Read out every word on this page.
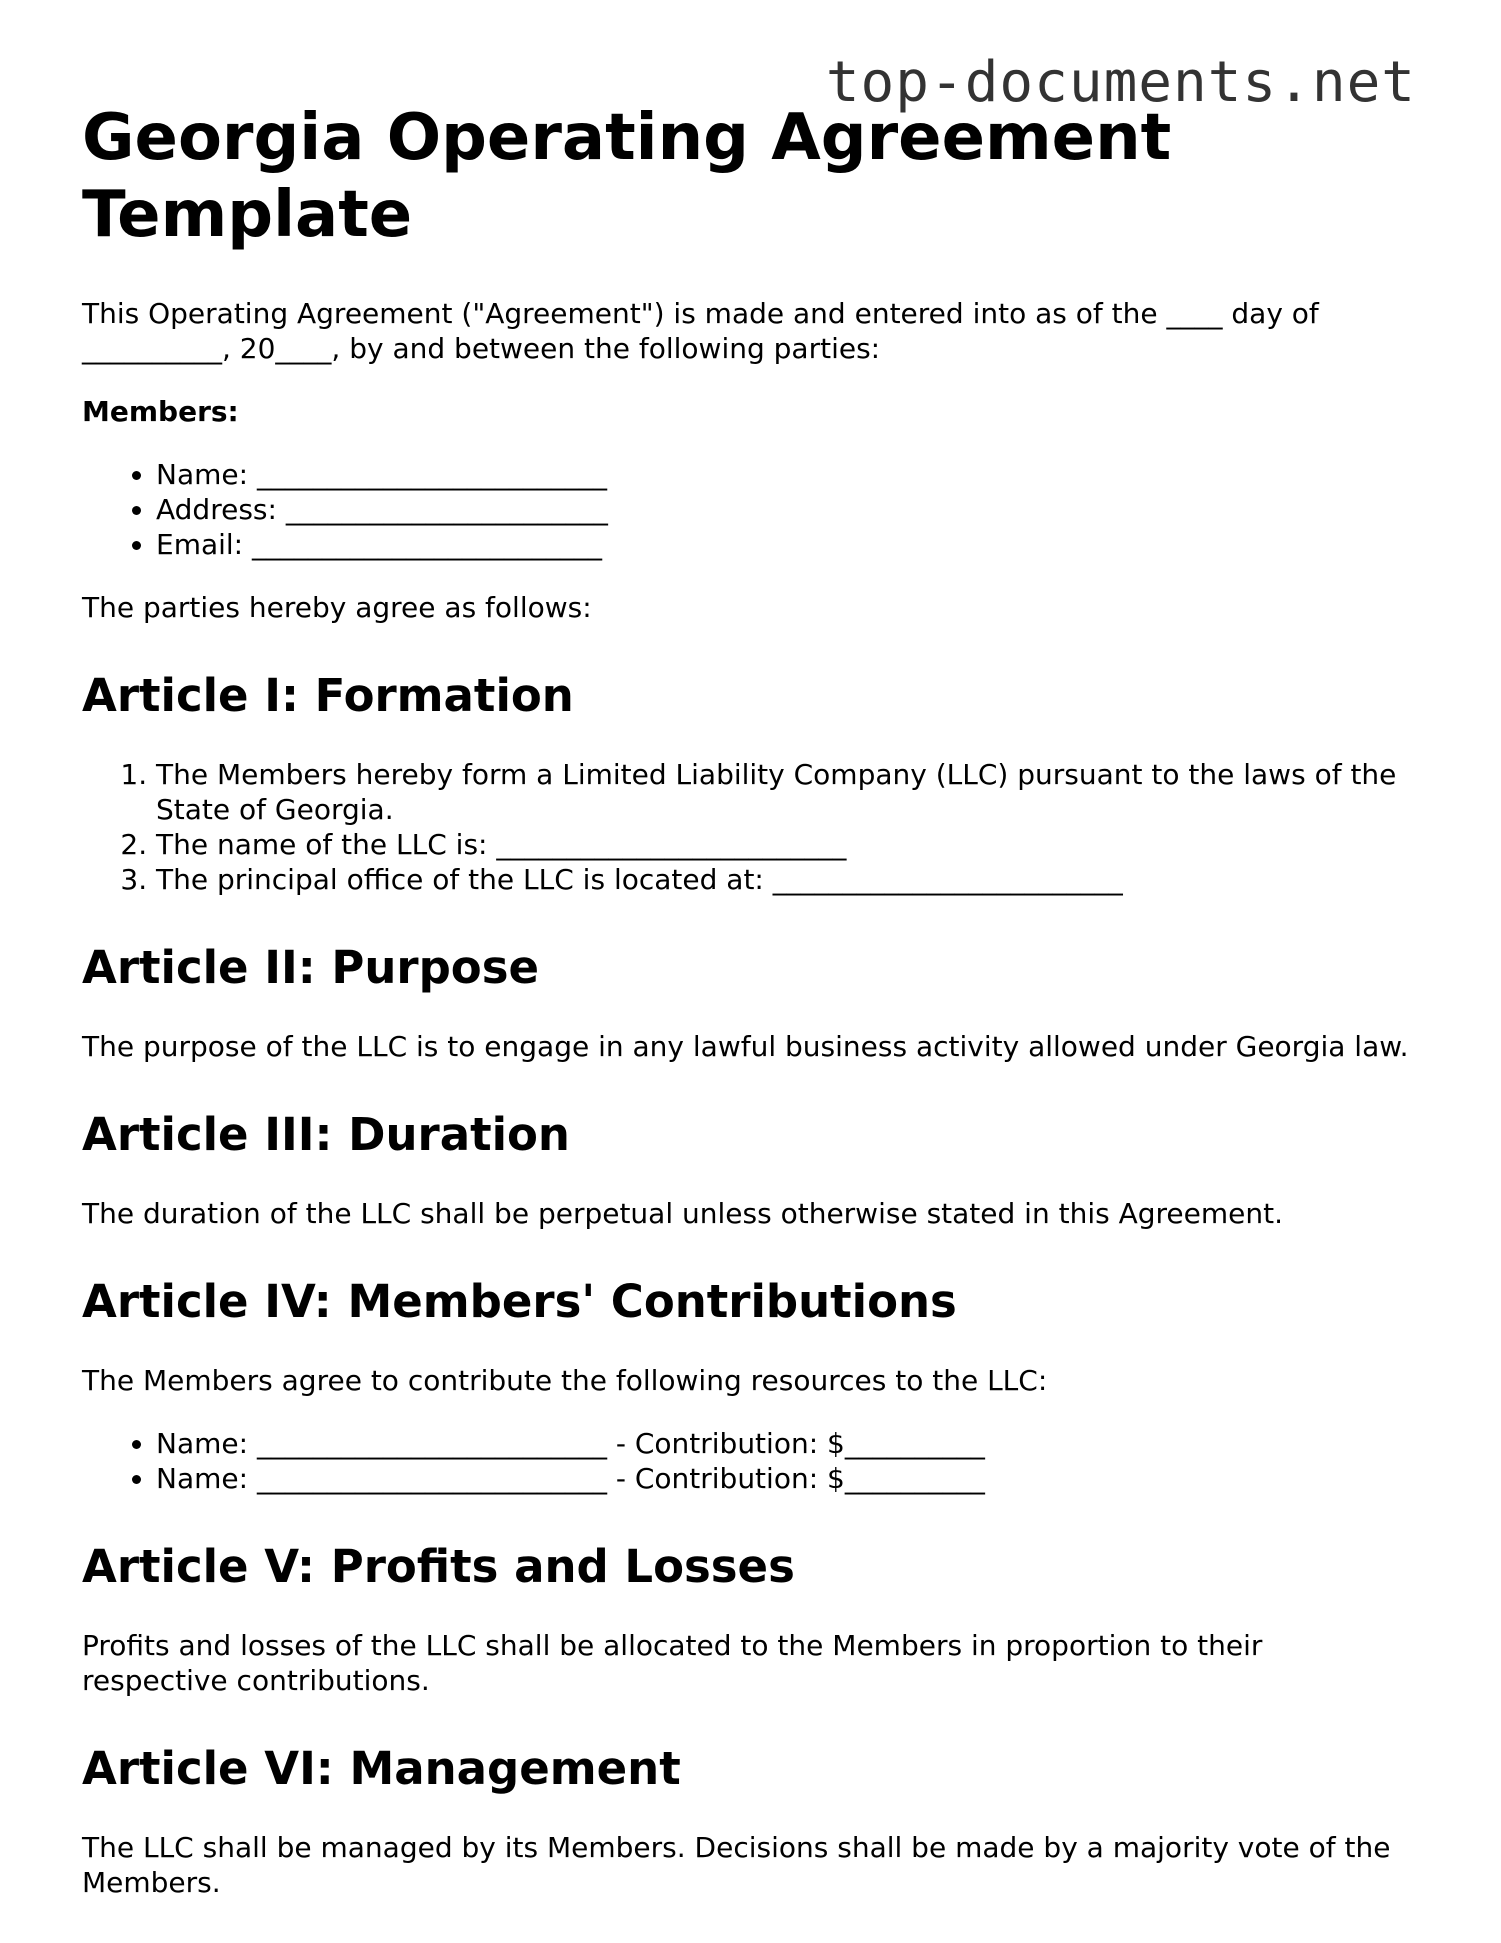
top-documents.net
Georgia Operating Agreement Template

This Operating Agreement ("Agreement") is made and entered into as of the ____ day of __________, 20____, by and between the following parties:

Members:

• Name: _________________________
• Address: _______________________
• Email: _________________________

The parties hereby agree as follows:

Article I: Formation
1. The Members hereby form a Limited Liability Company (LLC) pursuant to the laws of the State of Georgia.
2. The name of the LLC is: _________________________
3. The principal office of the LLC is located at: _________________________
Article II: Purpose

The purpose of the LLC is to engage in any lawful business activity allowed under Georgia law.

Article III: Duration

The duration of the LLC shall be perpetual unless otherwise stated in this Agreement.

Article IV: Members' Contributions

The Members agree to contribute the following resources to the LLC:

• Name: _________________________ - Contribution: $__________
• Name: _________________________ - Contribution: $__________
Article V: Profits and Losses

Profits and losses of the LLC shall be allocated to the Members in proportion to their respective contributions.

Article VI: Management

The LLC shall be managed by its Members. Decisions shall be made by a majority vote of the Members.
